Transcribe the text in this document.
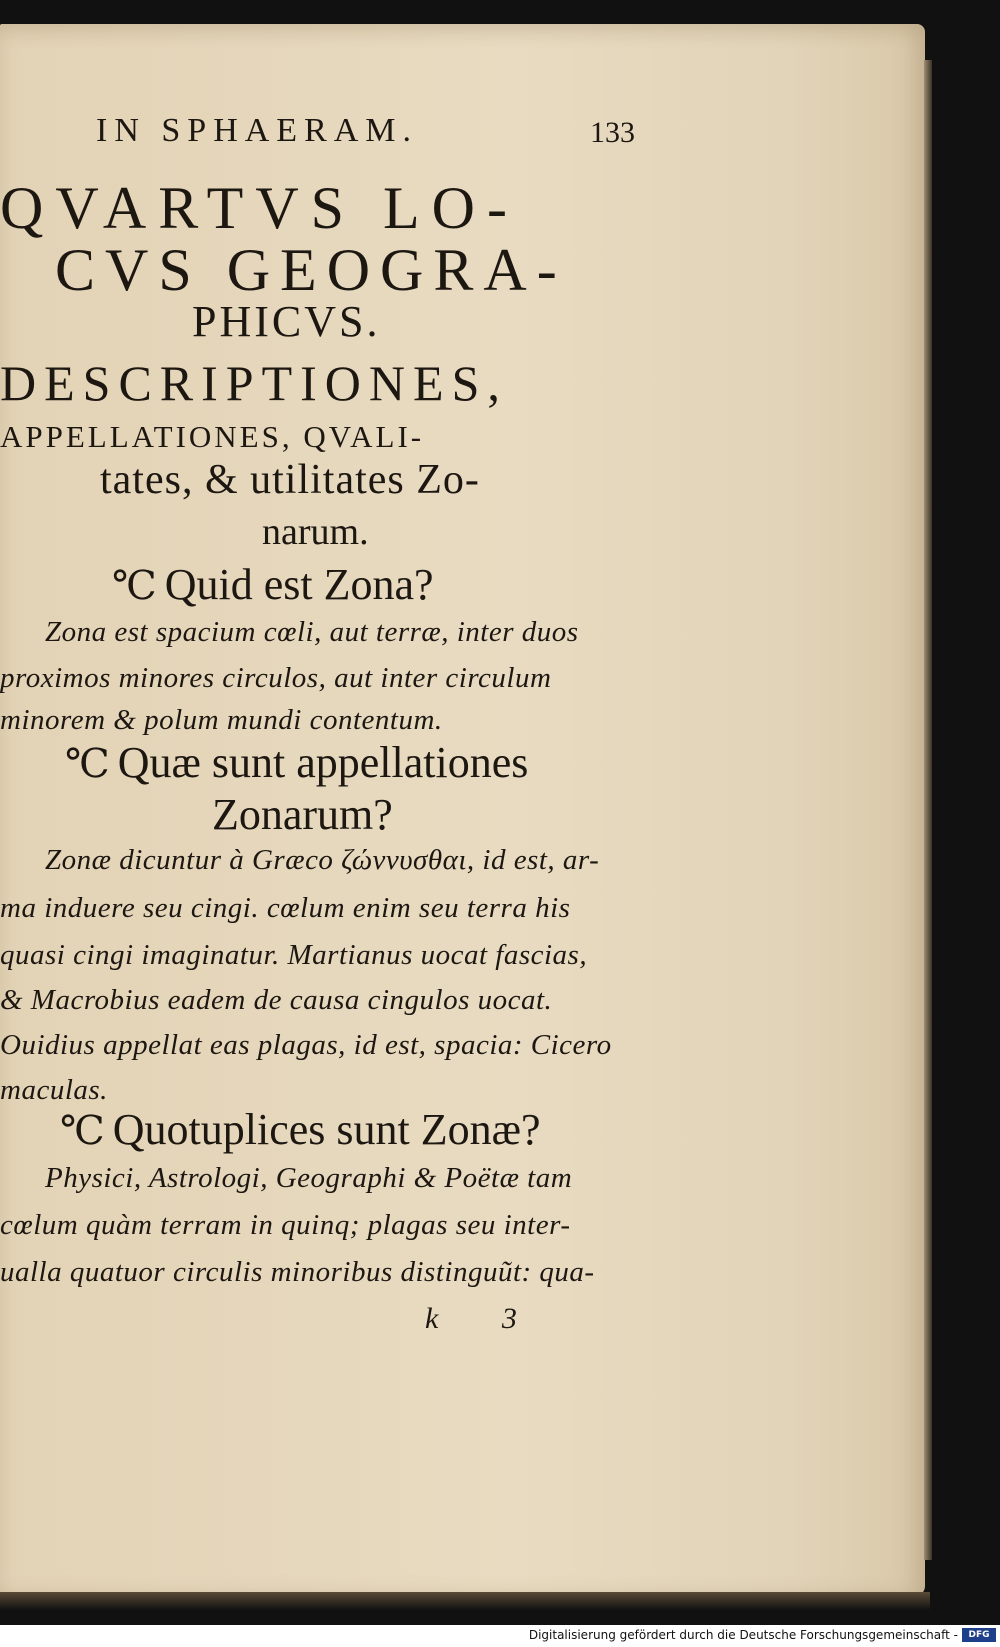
IN SPHAERAM.	133
QVARTVS LO-
CVS GEOGRA-
PHICVS.
DESCRIPTIONES,
APPELLATIONES, QVALI-
tates, & utilitates Zo-
narum.
℃ Quid est Zona?
Zona est spacium cœli, aut terræ, inter duos
proximos minores circulos, aut inter circulum
minorem & polum mundi contentum.
℃ Quæ sunt appellationes
Zonarum?
Zonæ dicuntur à Græco ζώννυσθαι, id est, ar-
ma induere seu cingi. cœlum enim seu terra his
quasi cingi imaginatur. Martianus uocat fascias,
& Macrobius eadem de causa cingulos uocat.
Ouidius appellat eas plagas, id est, spacia: Cicero
maculas.
℃ Quotuplices sunt Zonæ?
Physici, Astrologi, Geographi & Poëtæ tam
cœlum quàm terram in quinq; plagas seu inter-
ualla quatuor circulis minoribus distinguũt: qua-
k 3
Digitalisierung gefördert durch die Deutsche Forschungsgemeinschaft -	DFG
